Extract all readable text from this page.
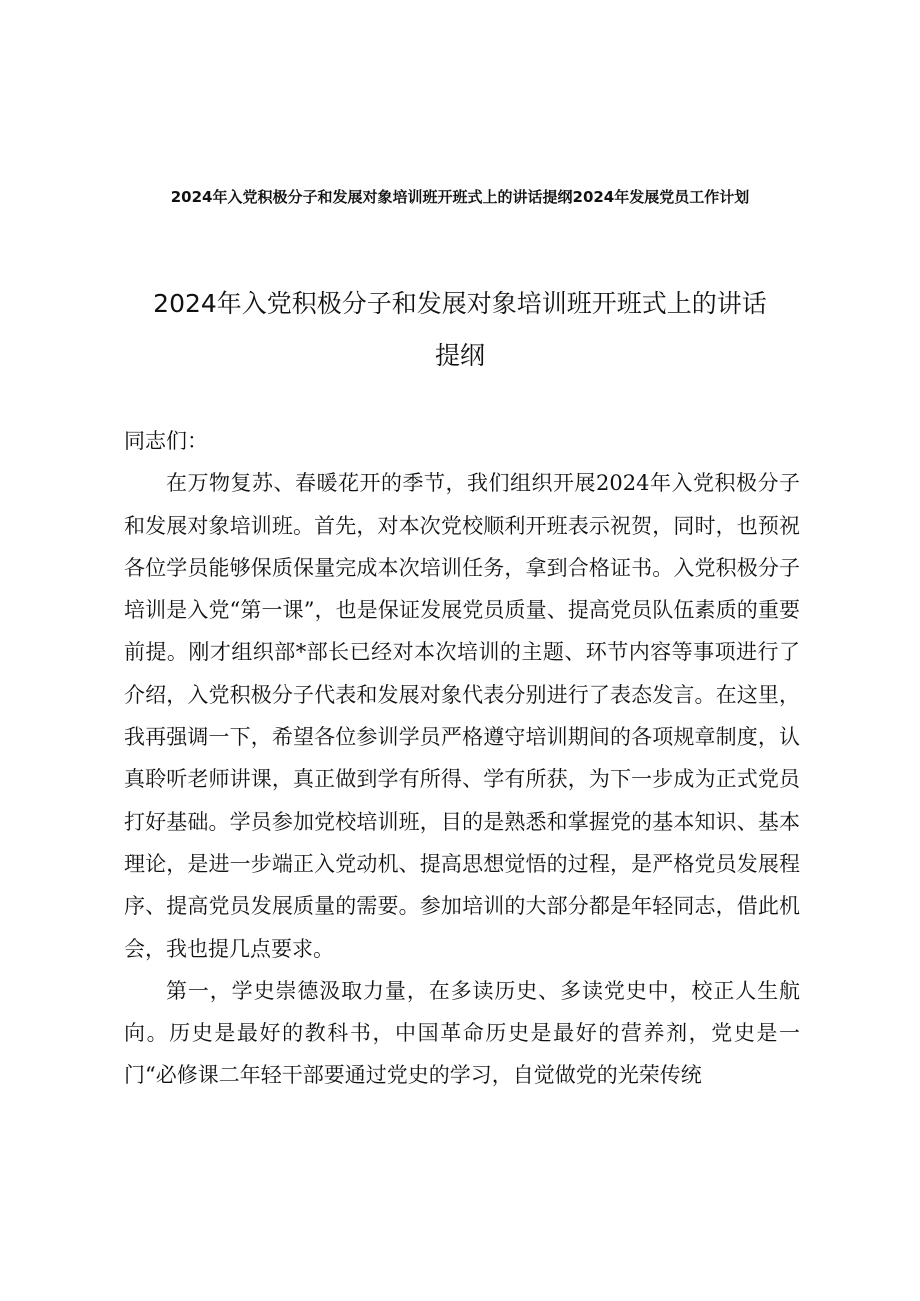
2024年入党积极分子和发展对象培训班开班式上的讲话提纲2024年发展党员工作计划
2024年入党积极分子和发展对象培训班开班式上的讲话
提纲

同志们：

在万物复苏、春暖花开的季节，我们组织开展2024年入党积极分子和发展对象培训班。首先，对本次党校顺利开班表示祝贺，同时，也预祝各位学员能够保质保量完成本次培训任务，拿到合格证书。入党积极分子培训是入党“第一课”，也是保证发展党员质量、提高党员队伍素质的重要前提。刚才组织部*部长已经对本次培训的主题、环节内容等事项进行了介绍，入党积极分子代表和发展对象代表分别进行了表态发言。在这里，我再强调一下，希望各位参训学员严格遵守培训期间的各项规章制度，认真聆听老师讲课，真正做到学有所得、学有所获，为下一步成为正式党员打好基础。学员参加党校培训班，目的是熟悉和掌握党的基本知识、基本理论，是进一步端正入党动机、提高思想觉悟的过程，是严格党员发展程序、提高党员发展质量的需要。参加培训的大部分都是年轻同志，借此机会，我也提几点要求。

第一，学史崇德汲取力量，在多读历史、多读党史中，校正人生航向。历史是最好的教科书，中国革命历史是最好的营养剂，党史是一门“必修课二年轻干部要通过党史的学习，自觉做党的光荣传统
